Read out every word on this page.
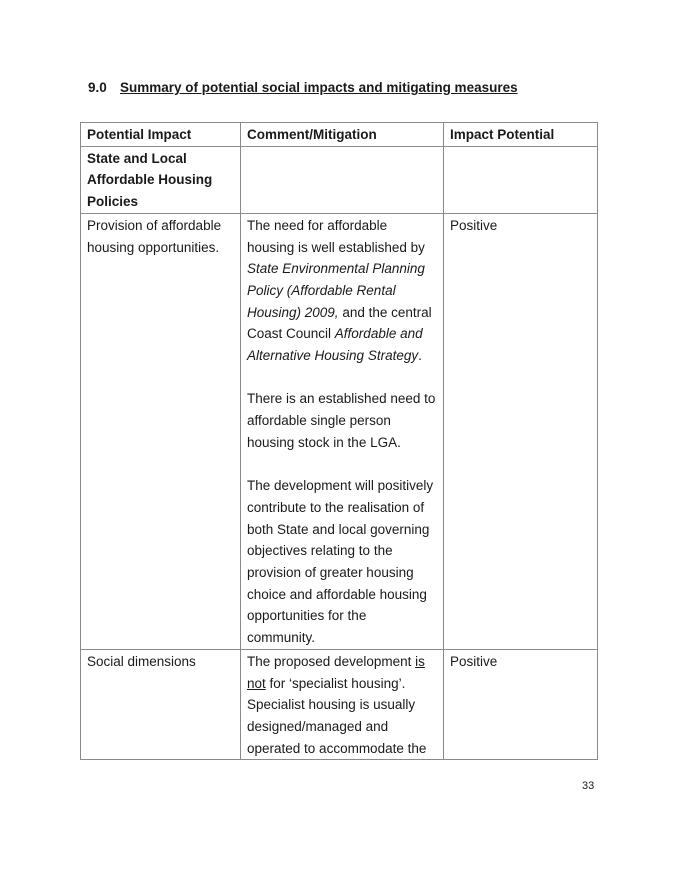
9.0 Summary of potential social impacts and mitigating measures
Potential Impact	Comment/Mitigation	Impact Potential
State and Local Affordable Housing Policies		
Provision of affordable housing opportunities.	The need for affordable housing is well established by State Environmental Planning Policy (Affordable Rental Housing) 2009, and the central Coast Council Affordable and Alternative Housing Strategy.

There is an established need to affordable single person housing stock in the LGA.

The development will positively contribute to the realisation of both State and local governing objectives relating to the provision of greater housing choice and affordable housing opportunities for the community.	Positive
Social dimensions	The proposed development is not for ‘specialist housing’. Specialist housing is usually designed/managed and operated to accommodate the	Positive
33
